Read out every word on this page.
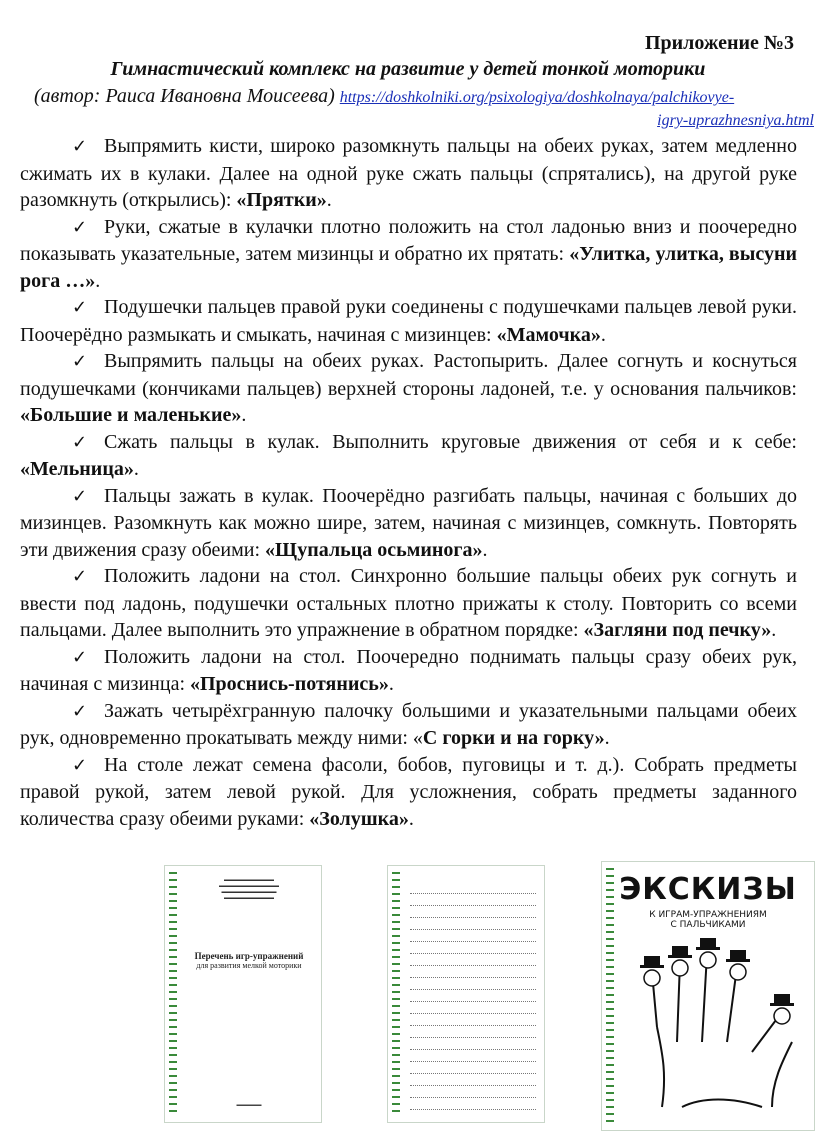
Приложение №3
Гимнастический комплекс на развитие у детей тонкой моторики
(автор: Раиса Ивановна Моисеева) https://doshkolniki.org/psixologiya/doshkolnaya/palchikovye-
igry-uprazhnesniya.html

✓ Выпрямить кисти, широко разомкнуть пальцы на обеих руках, затем медленно сжимать их в кулаки. Далее на одной руке сжать пальцы (спрятались), на другой руке разомкнуть (открылись): «Прятки».

✓ Руки, сжатые в кулачки плотно положить на стол ладонью вниз и поочередно показывать указательные, затем мизинцы и обратно их прятать: «Улитка, улитка, высуни рога …».

✓ Подушечки пальцев правой руки соединены с подушечками пальцев левой руки. Поочерёдно размыкать и смыкать, начиная с мизинцев: «Мамочка».

✓ Выпрямить пальцы на обеих руках. Растопырить. Далее согнуть и коснуться подушечками (кончиками пальцев) верхней стороны ладоней, т.е. у основания пальчиков: «Большие и маленькие».

✓ Сжать пальцы в кулак. Выполнить круговые движения от себя и к себе: «Мельница».

✓ Пальцы зажать в кулак. Поочерёдно разгибать пальцы, начиная с больших до мизинцев. Разомкнуть как можно шире, затем, начиная с мизинцев, сомкнуть. Повторять эти движения сразу обеими: «Щупальца осьминога».

✓ Положить ладони на стол. Синхронно большие пальцы обеих рук согнуть и ввести под ладонь, подушечки остальных плотно прижаты к столу. Повторить со всеми пальцами. Далее выполнить это упражнение в обратном порядке: «Загляни под печку».

✓ Положить ладони на стол. Поочередно поднимать пальцы сразу обеих рук, начиная с мизинца: «Проснись-потянись».

✓ Зажать четырёхгранную палочку большими и указательными пальцами обеих рук, одновременно прокатывать между ними: «С горки и на горку».

✓ На столе лежат семена фасоли, бобов, пуговицы и т. д.). Собрать предметы правой рукой, затем левой рукой. Для усложнения, собрать предметы заданного количества сразу обеими руками: «Золушка».

▬▬▬▬▬▬▬▬▬▬
▬▬▬▬▬▬▬▬▬▬▬▬
▬▬▬▬▬▬▬▬▬▬▬
▬▬▬▬▬▬▬▬▬▬
Перечень игр-упражнений
для развития мелкой моторики
▬▬▬▬▬
ЭКСКИЗЫ
К ИГРАМ-УПРАЖНЕНИЯМ
С ПАЛЬЧИКАМИ
